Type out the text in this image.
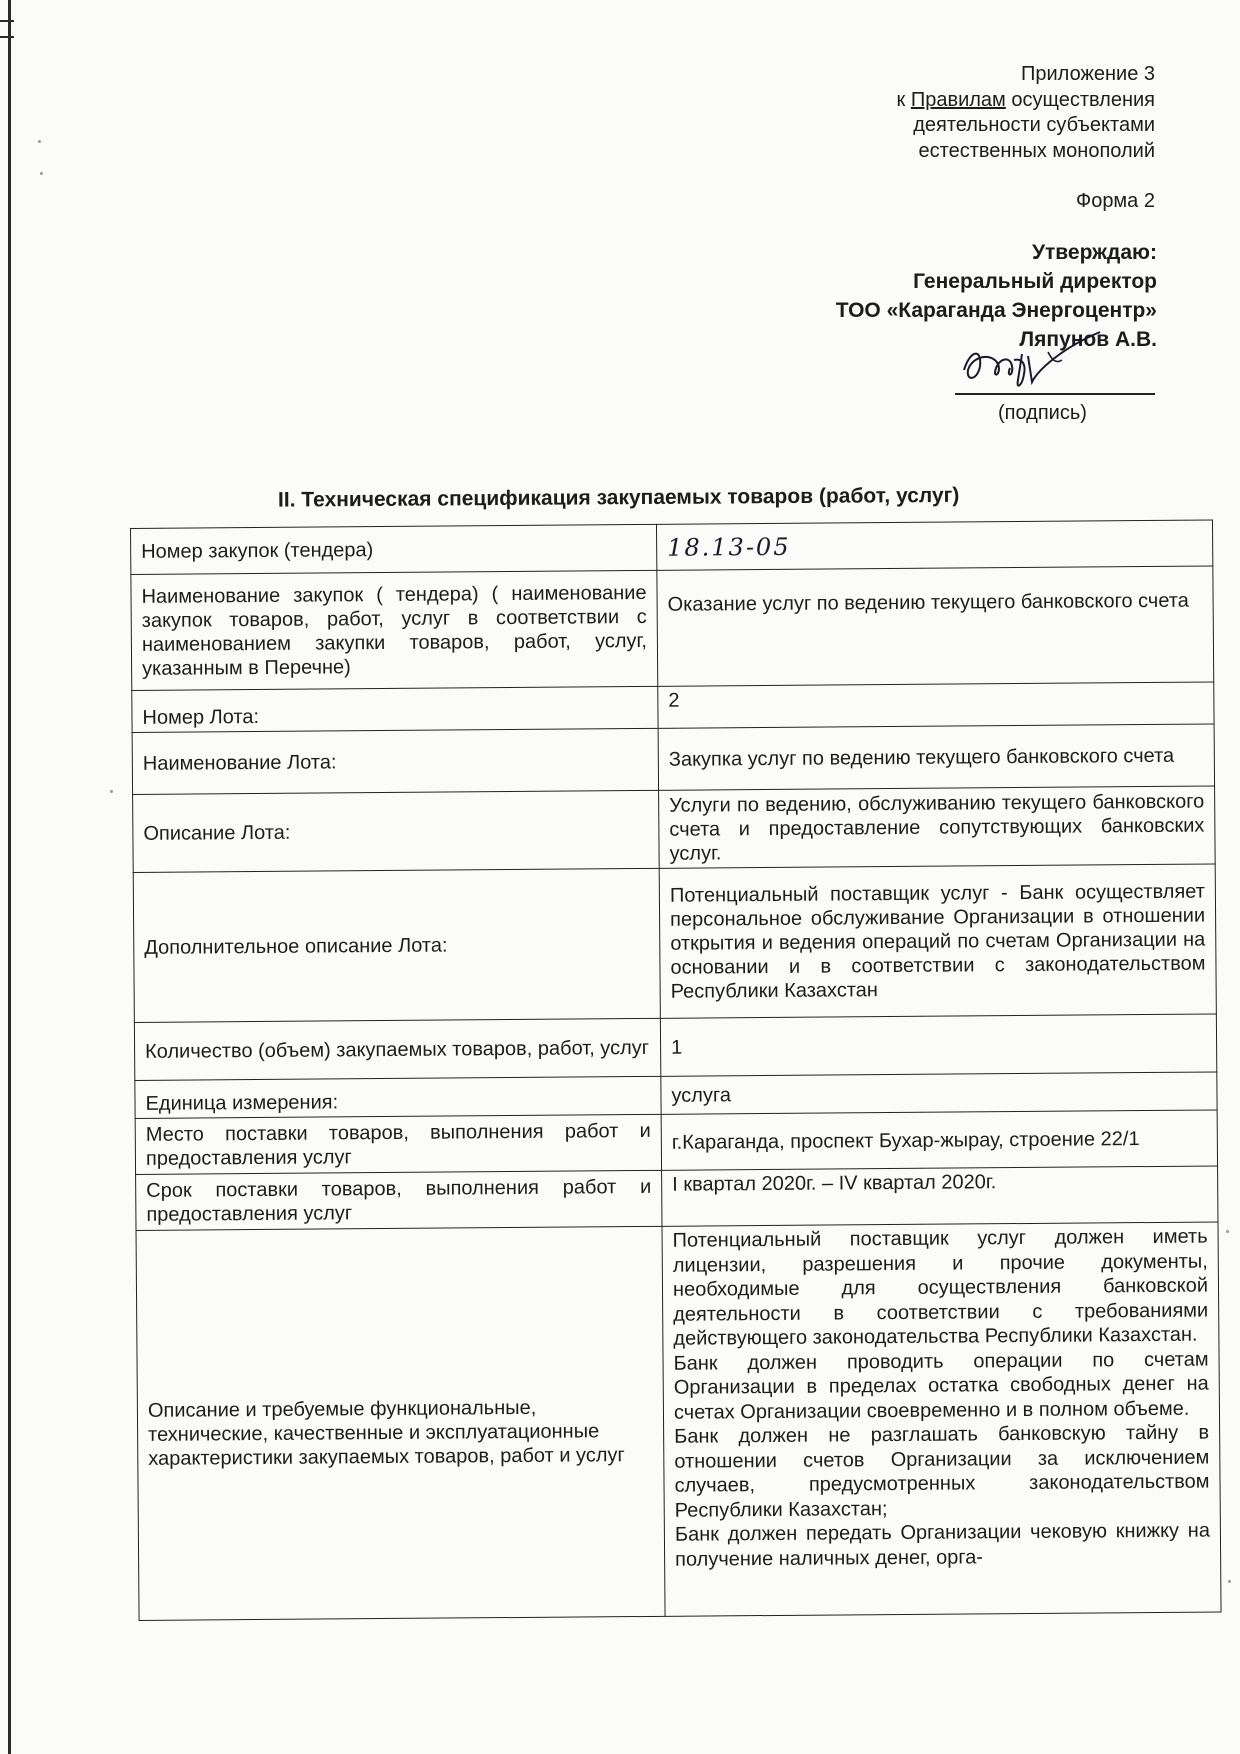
Приложение 3
к Правилам осуществления
деятельности субъектами
естественных монополий
Форма 2
Утверждаю:
Генеральный директор
ТОО «Караганда Энергоцентр»
Ляпунов А.В.
(подпись)
II. Техническая спецификация закупаемых товаров (работ, услуг)
Номер закупок (тендера)	18.13-05
Наименование закупок ( тендера) ( наименование закупок товаров, работ, услуг в соответствии с наименованием закупки товаров, работ, услуг, указанным в Перечне)	Оказание услуг по ведению текущего банковского счета
Номер Лота:	2
Наименование Лота:	Закупка услуг по ведению текущего банковского счета
Описание Лота:	Услуги по ведению, обслуживанию текущего банковского счета и предоставление сопутствующих банковских услуг.
Дополнительное описание Лота:	Потенциальный поставщик услуг - Банк осуществляет персональное обслуживание Организации в отношении открытия и ведения операций по счетам Организации на основании и в соответствии с законодательством Республики Казахстан
Количество (объем) закупаемых товаров, работ, услуг	1
Единица измерения:	услуга
Место поставки товаров, выполнения работ и предоставления услуг	г.Караганда, проспект Бухар-жырау, строение 22/1
Срок поставки товаров, выполнения работ и предоставления услуг	I квартал 2020г. – IV квартал 2020г.
Описание и требуемые функциональные, технические, качественные и эксплуатационные характеристики закупаемых товаров, работ и услуг	Потенциальный поставщик услуг должен иметь лицензии, разрешения и прочие документы, необходимые для осуществления банковской деятельности в соответствии с требованиями действующего законодательства Республики Казахстан.

Банк должен проводить операции по счетам Организации в пределах остатка свободных денег на счетах Организации своевременно и в полном объеме.

Банк должен не разглашать банковскую тайну в отношении счетов Организации за исключением случаев, предусмотренных законодательством Республики Казахстан;

Банк должен передать Организации чековую книжку на получение наличных денег, орга-
